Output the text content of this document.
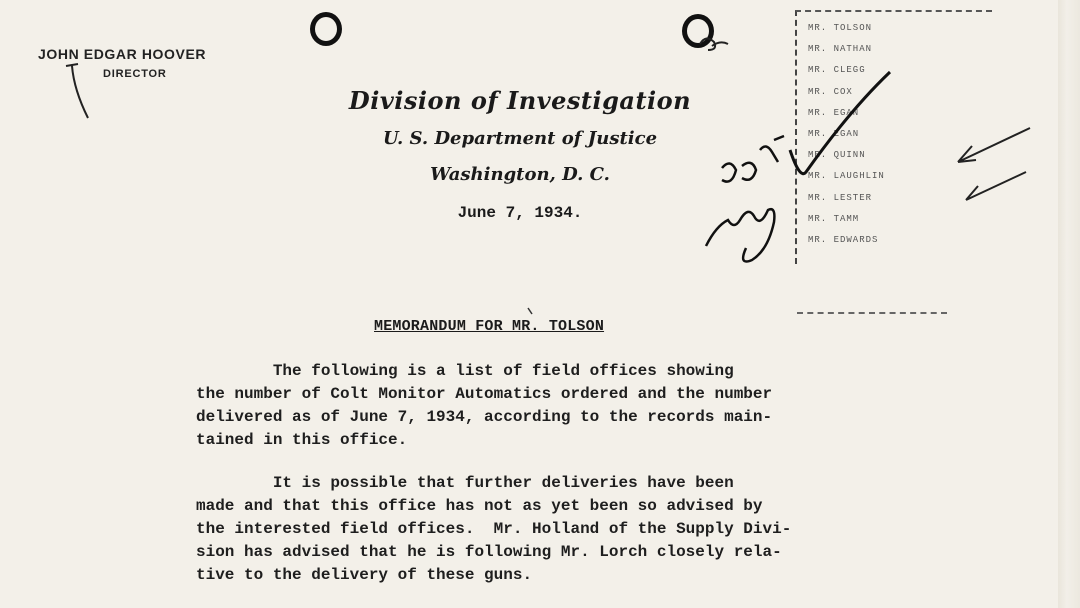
JOHN EDGAR HOOVER
DIRECTOR
Division of Investigation
U. S. Department of Justice
Washington, D. C.
June 7, 1934.
MR. TOLSON
MR. NATHAN
MR. CLEGG
MR. COX
MR. EGAN
MR. EGAN
MR. QUINN
MR. LAUGHLIN
MR. LESTER
MR. TAMM
MR. EDWARDS
MEMORANDUM FOR MR. TOLSON
The following is a list of field offices showing
the number of Colt Monitor Automatics ordered and the number
delivered as of June 7, 1934, according to the records main-
tained in this office.
It is possible that further deliveries have been
made and that this office has not as yet been so advised by
the interested field offices.  Mr. Holland of the Supply Divi-
sion has advised that he is following Mr. Lorch closely rela-
tive to the delivery of these guns.
